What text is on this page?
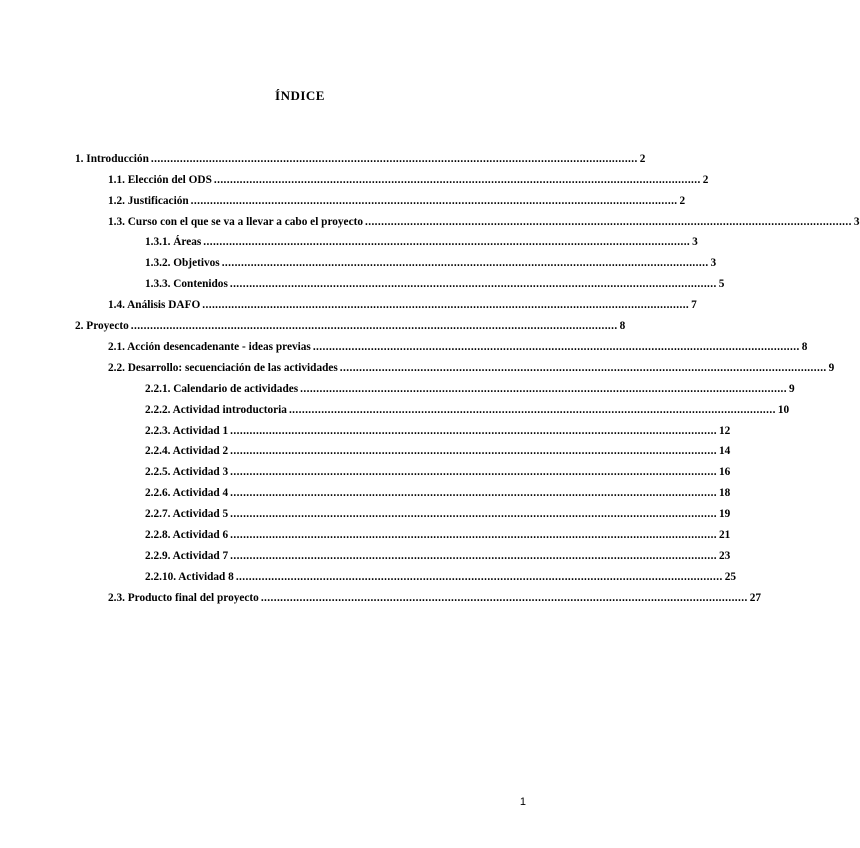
ÍNDICE
1. Introducción ....................................................................................................................................................... 2
1.1. Elección del ODS ....................................................................................................................................................... 2
1.2. Justificación ....................................................................................................................................................... 2
1.3. Curso con el que se va a llevar a cabo el proyecto ....................................................................................................................................................... 3
1.3.1. Áreas ....................................................................................................................................................... 3
1.3.2. Objetivos ....................................................................................................................................................... 3
1.3.3. Contenidos ....................................................................................................................................................... 5
1.4. Análisis DAFO ....................................................................................................................................................... 7
2. Proyecto ....................................................................................................................................................... 8
2.1. Acción desencadenante - ideas previas ....................................................................................................................................................... 8
2.2. Desarrollo: secuenciación de las actividades ....................................................................................................................................................... 9
2.2.1. Calendario de actividades ....................................................................................................................................................... 9
2.2.2. Actividad introductoria ....................................................................................................................................................... 10
2.2.3. Actividad 1 ....................................................................................................................................................... 12
2.2.4. Actividad 2 ....................................................................................................................................................... 14
2.2.5. Actividad 3 ....................................................................................................................................................... 16
2.2.6. Actividad 4 ....................................................................................................................................................... 18
2.2.7. Actividad 5 ....................................................................................................................................................... 19
2.2.8. Actividad 6 ....................................................................................................................................................... 21
2.2.9. Actividad 7 ....................................................................................................................................................... 23
2.2.10. Actividad 8 ....................................................................................................................................................... 25
2.3. Producto final del proyecto ....................................................................................................................................................... 27
1
